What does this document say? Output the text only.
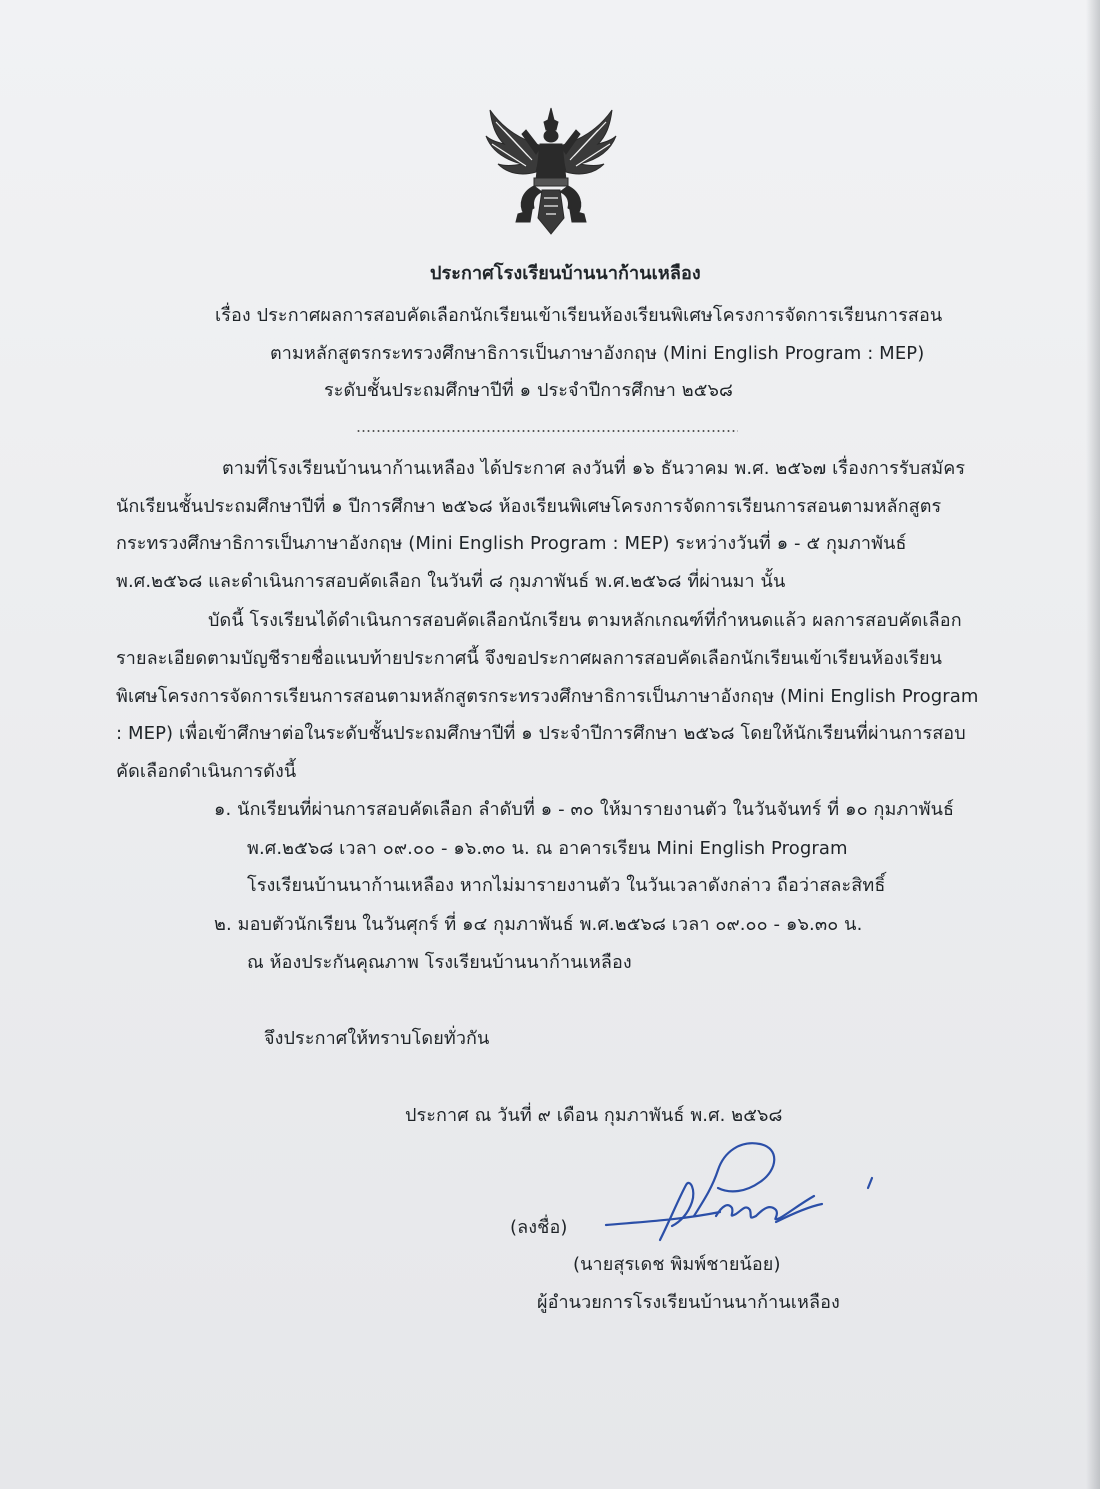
ประกาศโรงเรียนบ้านนาก้านเหลือง
เรื่อง ประกาศผลการสอบคัดเลือกนักเรียนเข้าเรียนห้องเรียนพิเศษโครงการจัดการเรียนการสอน
ตามหลักสูตรกระทรวงศึกษาธิการเป็นภาษาอังกฤษ (Mini English Program : MEP)
ระดับชั้นประถมศึกษาปีที่ ๑ ประจำปีการศึกษา ๒๕๖๘
ตามที่โรงเรียนบ้านนาก้านเหลือง ได้ประกาศ ลงวันที่ ๑๖ ธันวาคม พ.ศ. ๒๕๖๗ เรื่องการรับสมัคร
นักเรียนชั้นประถมศึกษาปีที่ ๑ ปีการศึกษา ๒๕๖๘ ห้องเรียนพิเศษโครงการจัดการเรียนการสอนตามหลักสูตร
กระทรวงศึกษาธิการเป็นภาษาอังกฤษ (Mini English Program : MEP) ระหว่างวันที่ ๑ - ๕ กุมภาพันธ์
พ.ศ.๒๕๖๘ และดำเนินการสอบคัดเลือก ในวันที่ ๘ กุมภาพันธ์ พ.ศ.๒๕๖๘ ที่ผ่านมา นั้น
บัดนี้ โรงเรียนได้ดำเนินการสอบคัดเลือกนักเรียน ตามหลักเกณฑ์ที่กำหนดแล้ว ผลการสอบคัดเลือก
รายละเอียดตามบัญชีรายชื่อแนบท้ายประกาศนี้ จึงขอประกาศผลการสอบคัดเลือกนักเรียนเข้าเรียนห้องเรียน
พิเศษโครงการจัดการเรียนการสอนตามหลักสูตรกระทรวงศึกษาธิการเป็นภาษาอังกฤษ (Mini English Program
: MEP) เพื่อเข้าศึกษาต่อในระดับชั้นประถมศึกษาปีที่ ๑ ประจำปีการศึกษา ๒๕๖๘ โดยให้นักเรียนที่ผ่านการสอบ
คัดเลือกดำเนินการดังนี้
๑. นักเรียนที่ผ่านการสอบคัดเลือก ลำดับที่ ๑ - ๓๐ ให้มารายงานตัว ในวันจันทร์ ที่ ๑๐ กุมภาพันธ์
พ.ศ.๒๕๖๘ เวลา ๐๙.๐๐ - ๑๖.๓๐ น. ณ อาคารเรียน Mini English Program
โรงเรียนบ้านนาก้านเหลือง หากไม่มารายงานตัว ในวันเวลาดังกล่าว ถือว่าสละสิทธิ์
๒. มอบตัวนักเรียน ในวันศุกร์ ที่ ๑๔ กุมภาพันธ์ พ.ศ.๒๕๖๘ เวลา ๐๙.๐๐ - ๑๖.๓๐ น.
ณ ห้องประกันคุณภาพ โรงเรียนบ้านนาก้านเหลือง
จึงประกาศให้ทราบโดยทั่วกัน
ประกาศ ณ วันที่ ๙ เดือน กุมภาพันธ์ พ.ศ. ๒๕๖๘
(ลงชื่อ)
(นายสุรเดช พิมพ์ชายน้อย)
ผู้อำนวยการโรงเรียนบ้านนาก้านเหลือง
